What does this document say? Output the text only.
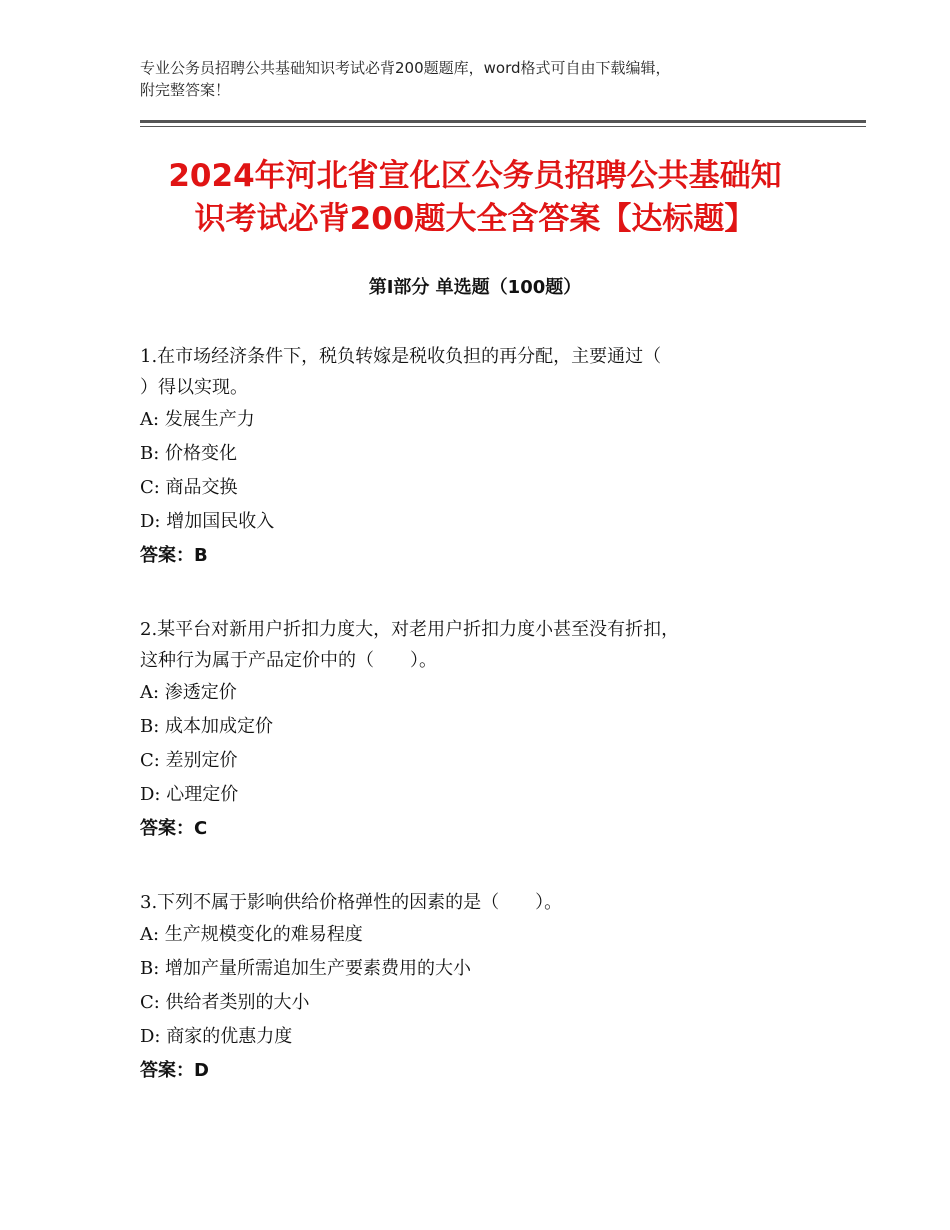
专业公务员招聘公共基础知识考试必背200题题库，word格式可自由下载编辑，
附完整答案！
2024年河北省宣化区公务员招聘公共基础知
识考试必背200题大全含答案【达标题】
第Ⅰ部分 单选题（100题）
1.在市场经济条件下，税负转嫁是税收负担的再分配，主要通过（
）得以实现。
A: 发展生产力
B: 价格变化
C: 商品交换
D: 增加国民收入
答案：B
2.某平台对新用户折扣力度大，对老用户折扣力度小甚至没有折扣，
这种行为属于产品定价中的（　　）。
A: 渗透定价
B: 成本加成定价
C: 差别定价
D: 心理定价
答案：C
3.下列不属于影响供给价格弹性的因素的是（　　）。
A: 生产规模变化的难易程度
B: 增加产量所需追加生产要素费用的大小
C: 供给者类别的大小
D: 商家的优惠力度
答案：D
